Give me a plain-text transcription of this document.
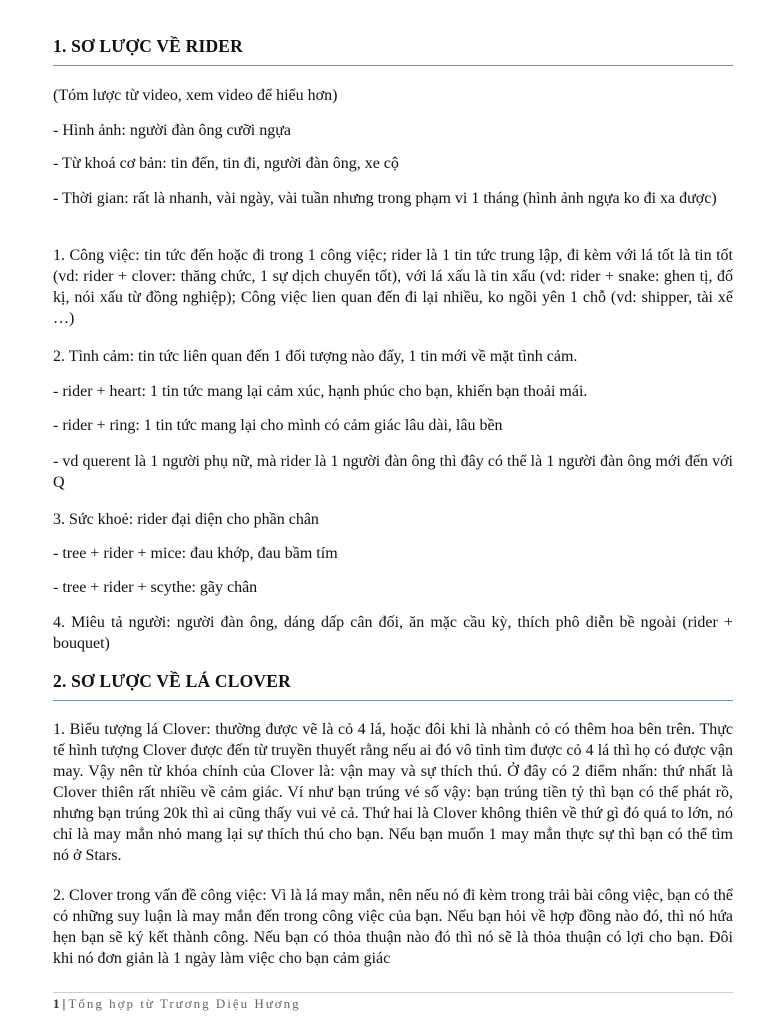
1. SƠ LƯỢC VỀ RIDER

(Tóm lược từ video, xem video để hiểu hơn)

- Hình ảnh: người đàn ông cưỡi ngựa

- Từ khoá cơ bản: tin đến, tin đi, người đàn ông, xe cộ

- Thời gian: rất là nhanh, vài ngày, vài tuần nhưng trong phạm vi 1 tháng (hình ảnh ngựa ko đi xa được)

1. Công việc: tin tức đến hoặc đi trong 1 công việc; rider là 1 tin tức trung lập, đi kèm với lá tốt là tin tốt (vd: rider + clover: thăng chức, 1 sự dịch chuyển tốt), với lá xấu là tin xấu (vd: rider + snake: ghen tị, đố kị, nói xấu từ đồng nghiệp); Công việc lien quan đến đi lại nhiều, ko ngồi yên 1 chỗ (vd: shipper, tài xế …)

2. Tình cảm: tin tức liên quan đến 1 đối tượng nào đấy, 1 tin mới về mặt tình cảm.

- rider + heart: 1 tin tức mang lại cảm xúc, hạnh phúc cho bạn, khiến bạn thoải mái.

- rider + ring: 1 tin tức mang lại cho mình có cảm giác lâu dài, lâu bền

- vd querent là 1 người phụ nữ, mà rider là 1 người đàn ông thì đây có thể là 1 người đàn ông mới đến với Q

3. Sức khoẻ: rider đại diện cho phần chân

- tree + rider + mice: đau khớp, đau bầm tím

- tree + rider + scythe: gãy chân

4. Miêu tả người: người đàn ông, dáng dấp cân đối, ăn mặc cầu kỳ, thích phô diễn bề ngoài (rider + bouquet)

2. SƠ LƯỢC VỀ LÁ CLOVER

1. Biểu tượng lá Clover: thường được vẽ là cỏ 4 lá, hoặc đôi khi là nhành cỏ có thêm hoa bên trên. Thực tế hình tượng Clover được đến từ truyền thuyết rằng nếu ai đó vô tình tìm được cỏ 4 lá thì họ có được vận may. Vậy nên từ khóa chính của Clover là: vận may và sự thích thú. Ở đây có 2 điểm nhấn: thứ nhất là Clover thiên rất nhiều về cảm giác. Ví như bạn trúng vé số vậy: bạn trúng tiền tỷ thì bạn có thể phát rồ, nhưng bạn trúng 20k thì ai cũng thấy vui vẻ cả. Thứ hai là Clover không thiên về thứ gì đó quá to lớn, nó chỉ là may mắn nhỏ mang lại sự thích thú cho bạn. Nếu bạn muốn 1 may mắn thực sự thì bạn có thể tìm nó ở Stars.

2. Clover trong vấn đề công việc: Vì là lá may mắn, nên nếu nó đi kèm trong trải bài công việc, bạn có thể có những suy luận là may mắn đến trong công việc của bạn. Nếu bạn hỏi về hợp đồng nào đó, thì nó hứa hẹn bạn sẽ ký kết thành công. Nếu bạn có thỏa thuận nào đó thì nó sẽ là thỏa thuận có lợi cho bạn. Đôi khi nó đơn giản là 1 ngày làm việc cho bạn cảm giác

1 | Tổng hợp từ Trương Diệu Hương
